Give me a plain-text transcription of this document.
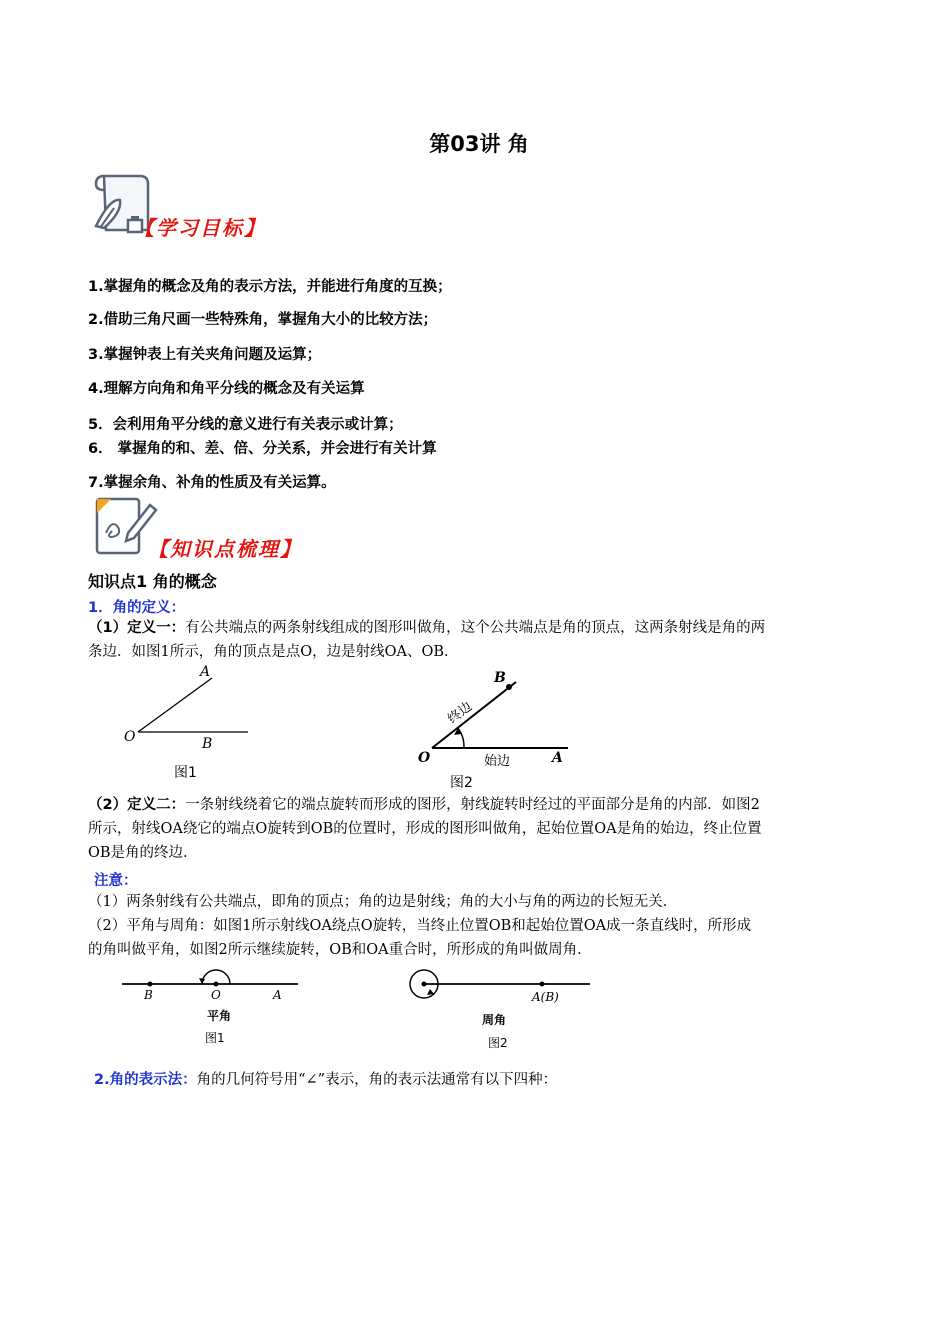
第03讲 角
【学习目标】
1.掌握角的概念及角的表示方法，并能进行角度的互换；
2.借助三角尺画一些特殊角，掌握角大小的比较方法；
3.掌握钟表上有关夹角问题及运算；
4.理解方向角和角平分线的概念及有关运算
5．会利用角平分线的意义进行有关表示或计算；
6． 掌握角的和、差、倍、分关系，并会进行有关计算
7.掌握余角、补角的性质及有关运算。
【知识点梳理】
知识点1 角的概念
1．角的定义：
（1）定义一：有公共端点的两条射线组成的图形叫做角，这个公共端点是角的顶点，这两条射线是角的两
条边．如图1所示，角的顶点是点O，边是射线OA、OB．
A
O	B
图1
B
O	A
终边
始边
图2
（2）定义二：一条射线绕着它的端点旋转而形成的图形，射线旋转时经过的平面部分是角的内部．如图2
所示，射线OA绕它的端点O旋转到OB的位置时，形成的图形叫做角，起始位置OA是角的始边，终止位置
OB是角的终边．
注意：
（1）两条射线有公共端点，即角的顶点；角的边是射线；角的大小与角的两边的长短无关．
（2）平角与周角：如图1所示射线OA绕点O旋转，当终止位置OB和起始位置OA成一条直线时，所形成
的角叫做平角，如图2所示继续旋转，OB和OA重合时，所形成的角叫做周角．
B	O	A
平角
图1
A(B)
周角
图2
2.角的表示法：角的几何符号用“∠”表示，角的表示法通常有以下四种：
